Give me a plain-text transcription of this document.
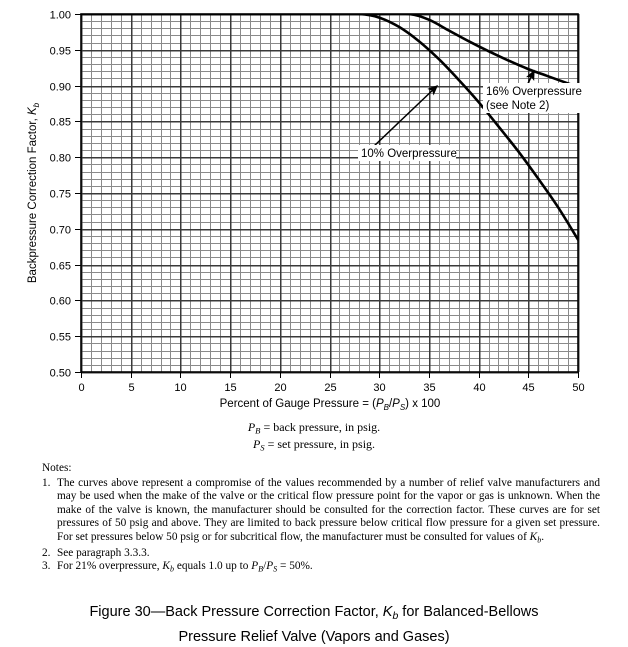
0.50
0.55
0.60
0.65
0.70
0.75
0.80
0.85
0.90
0.95
1.00
0	5	10	15	20	25	30	35	40	45	50
10% Overpressure
16% Overpressure
(see Note 2)
Backpressure Correction Factor, $K_b$
Percent of Gauge Pressure = $(P_B/P_S)$ x 100
$P_B$ = back pressure, in psig.
$P_S$ = set pressure, in psig.
Notes:
1. The curves above represent a compromise of the values recommended by a number of relief valve manufacturers and may be used when the make of the valve or the critical flow pressure point for the vapor or gas is unknown. When the make of the valve is known, the manufacturer should be consulted for the correction factor. These curves are for set pressures of 50 psig and above. They are limited to back pressure below critical flow pressure for a given set pressure. For set pressures below 50 psig or for subcritical flow, the manufacturer must be consulted for values of $K_b$.
2. See paragraph 3.3.3.
3. For 21% overpressure, $K_b$ equals 1.0 up to $P_B/P_S = 50\%$.
Figure 30—Back Pressure Correction Factor, $K_b$ for Balanced-Bellows
Pressure Relief Valve (Vapors and Gases)
